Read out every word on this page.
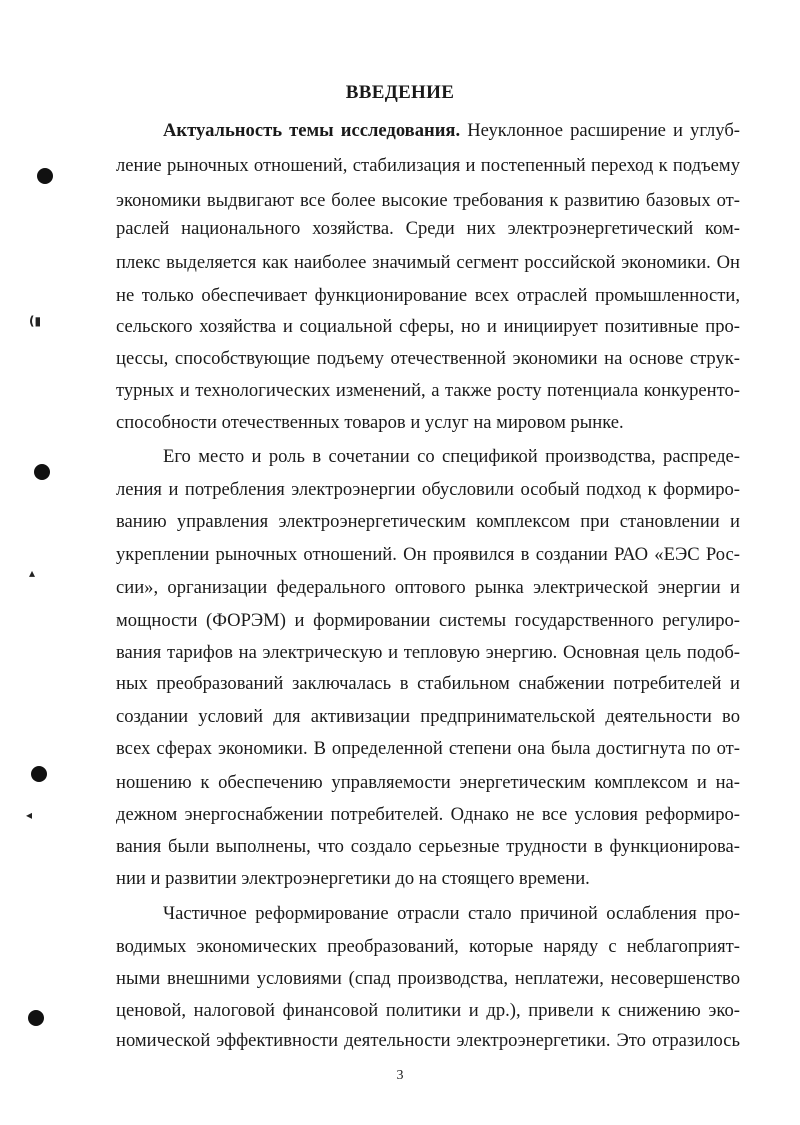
(▮
▴
◂
ВВЕДЕНИЕ

Актуальность темы исследования. Неуклонное расширение и углуб-

ление рыночных отношений, стабилизация и постепенный переход к подъему

экономики выдвигают все более высокие требования к развитию базовых от-

раслей национального хозяйства. Среди них электроэнергетический ком-

плекс выделяется как наиболее значимый сегмент российской экономики. Он

не только обеспечивает функционирование всех отраслей промышленности,

сельского хозяйства и социальной сферы, но и инициирует позитивные про-

цессы, способствующие подъему отечественной экономики на основе струк-

турных и технологических изменений, а также росту потенциала конкуренто-

способности отечественных товаров и услуг на мировом рынке.

Его место и роль в сочетании со спецификой производства, распреде-

ления и потребления электроэнергии обусловили особый подход к формиро-

ванию управления электроэнергетическим комплексом при становлении и

укреплении рыночных отношений. Он проявился в создании РАО «ЕЭС Рос-

сии», организации федерального оптового рынка электрической энергии и

мощности (ФОРЭМ) и формировании системы государственного регулиро-

вания тарифов на электрическую и тепловую энергию. Основная цель подоб-

ных преобразований заключалась в стабильном снабжении потребителей и

создании условий для активизации предпринимательской деятельности во

всех сферах экономики. В определенной степени она была достигнута по от-

ношению к обеспечению управляемости энергетическим комплексом и на-

дежном энергоснабжении потребителей. Однако не все условия реформиро-

вания были выполнены, что создало серьезные трудности в функционирова-

нии и развитии электроэнергетики до на стоящего времени.

Частичное реформирование отрасли стало причиной ослабления про-

водимых экономических преобразований, которые наряду с неблагоприят-

ными внешними условиями (спад производства, неплатежи, несовершенство

ценовой, налоговой финансовой политики и др.), привели к снижению эко-

номической эффективности деятельности электроэнергетики. Это отразилось

3
